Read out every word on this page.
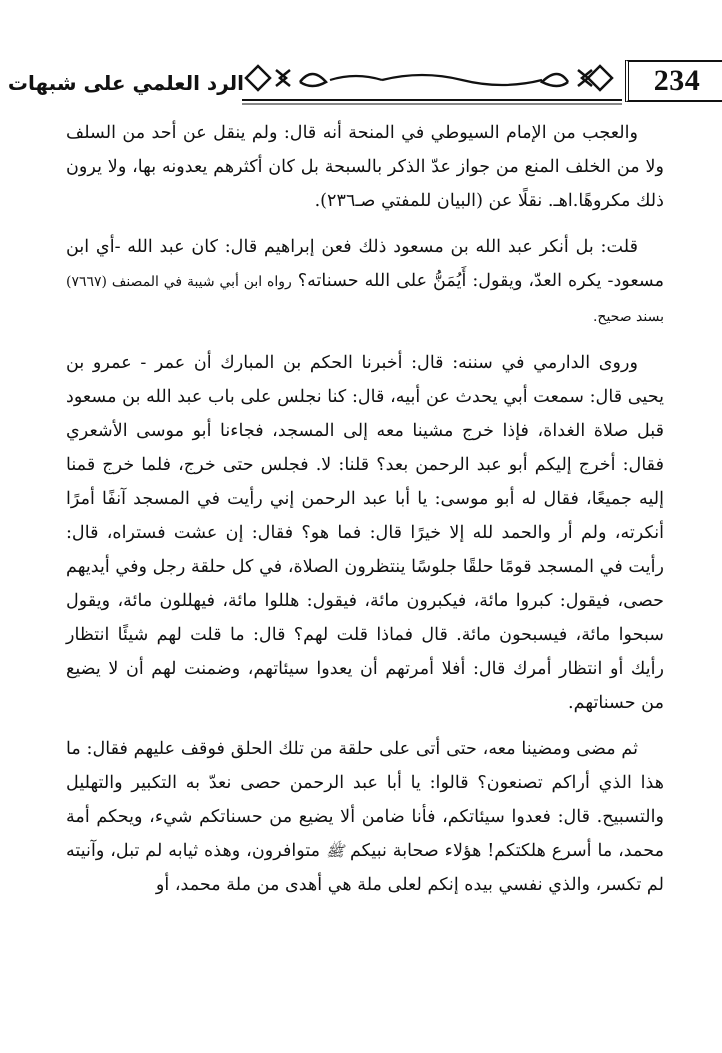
234
الرد العلمي على شبهات

والعجب من الإمام السيوطي في المنحة أنه قال: ولم ينقل عن أحد من السلف ولا من الخلف المنع من جواز عدّ الذكر بالسبحة بل كان أكثرهم يعدونه بها، ولا يرون ذلك مكروهًا.اهـ. نقلًا عن (البيان للمفتي صـ٢٣٦).

قلت: بل أنكر عبد الله بن مسعود ذلك فعن إبراهيم قال: كان عبد الله -أي ابن مسعود- يكره العدّ، ويقول: أَيُمَنُّ على الله حسناته؟ رواه ابن أبي شيبة في المصنف (٧٦٦٧) بسند صحيح.

وروى الدارمي في سننه: قال: أخبرنا الحكم بن المبارك أن عمر - عمرو بن يحيى قال: سمعت أبي يحدث عن أبيه، قال: كنا نجلس على باب عبد الله بن مسعود قبل صلاة الغداة، فإذا خرج مشينا معه إلى المسجد، فجاءنا أبو موسى الأشعري فقال: أخرج إليكم أبو عبد الرحمن بعد؟ قلنا: لا. فجلس حتى خرج، فلما خرج قمنا إليه جميعًا، فقال له أبو موسى: يا أبا عبد الرحمن إني رأيت في المسجد آنفًا أمرًا أنكرته، ولم أر والحمد لله إلا خيرًا قال: فما هو؟ فقال: إن عشت فستراه، قال: رأيت في المسجد قومًا حلقًا جلوسًا ينتظرون الصلاة، في كل حلقة رجل وفي أيديهم حصى، فيقول: كبروا مائة، فيكبرون مائة، فيقول: هللوا مائة، فيهللون مائة، ويقول سبحوا مائة، فيسبحون مائة. قال فماذا قلت لهم؟ قال: ما قلت لهم شيئًا انتظار رأيك أو انتظار أمرك قال: أفلا أمرتهم أن يعدوا سيئاتهم، وضمنت لهم أن لا يضيع من حسناتهم.

ثم مضى ومضينا معه، حتى أتى على حلقة من تلك الحلق فوقف عليهم فقال: ما هذا الذي أراكم تصنعون؟ قالوا: يا أبا عبد الرحمن حصى نعدّ به التكبير والتهليل والتسبيح. قال: فعدوا سيئاتكم، فأنا ضامن ألا يضيع من حسناتكم شيء، ويحكم أمة محمد، ما أسرع هلكتكم! هؤلاء صحابة نبيكم ﷺ متوافرون، وهذه ثيابه لم تبل، وآنيته لم تكسر، والذي نفسي بيده إنكم لعلى ملة هي أهدى من ملة محمد، أو
